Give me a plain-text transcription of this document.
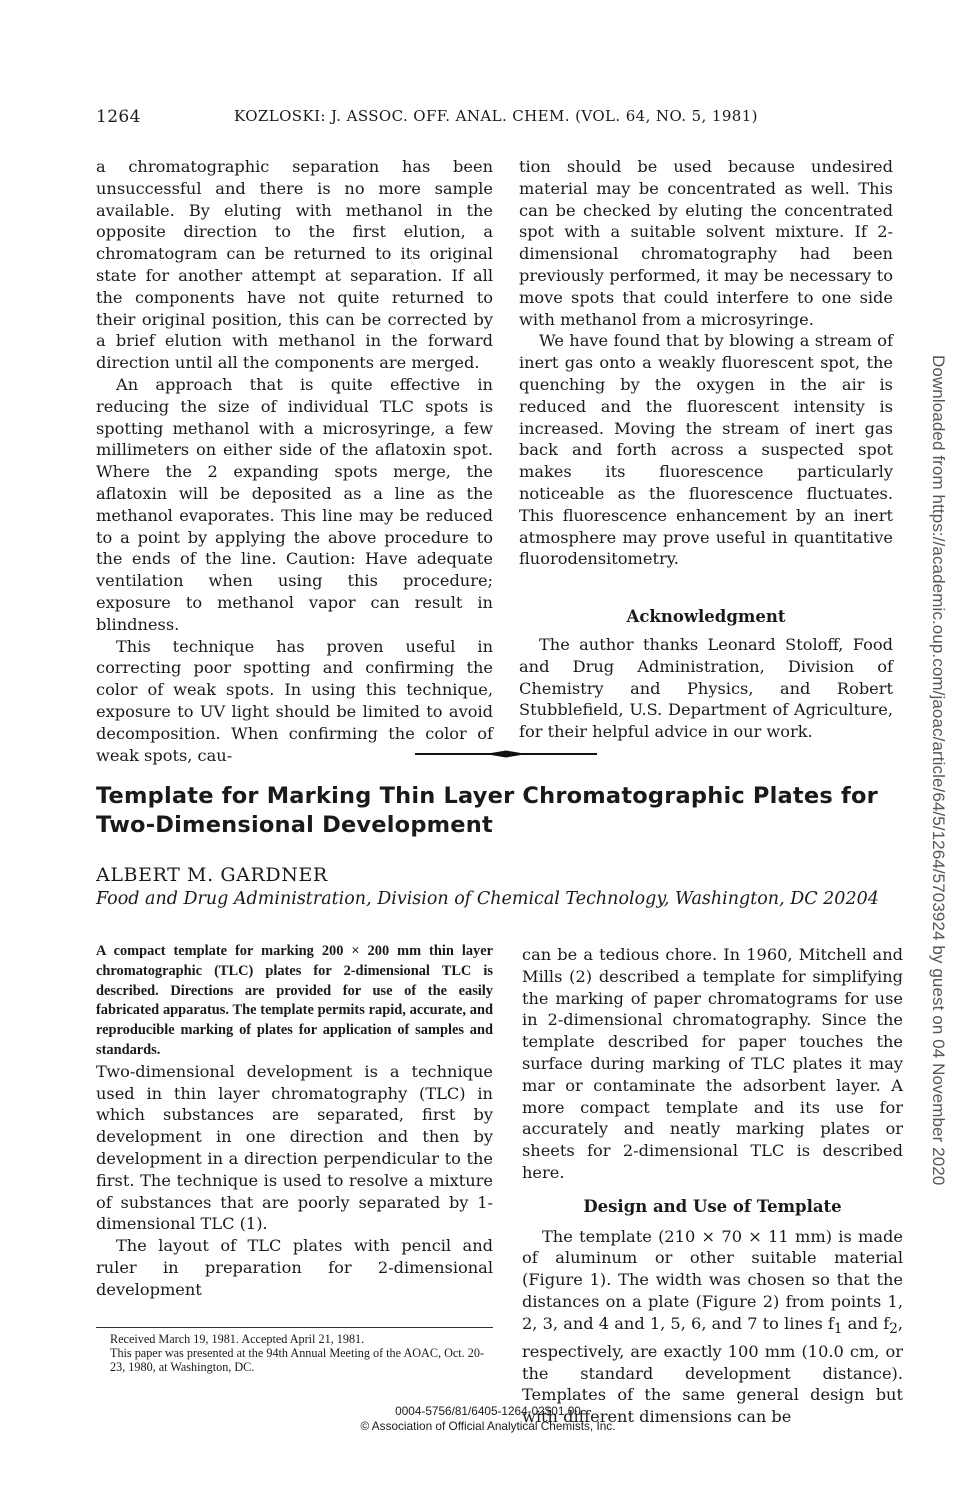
1264	KOZLOSKI: J. ASSOC. OFF. ANAL. CHEM. (VOL. 64, NO. 5, 1981)

a chromatographic separation has been unsuccessful and there is no more sample available. By eluting with methanol in the opposite direction to the first elution, a chromatogram can be returned to its original state for another attempt at separation. If all the components have not quite returned to their original position, this can be corrected by a brief elution with methanol in the forward direction until all the components are merged.

An approach that is quite effective in reducing the size of individual TLC spots is spotting methanol with a microsyringe, a few millimeters on either side of the aflatoxin spot. Where the 2 expanding spots merge, the aflatoxin will be deposited as a line as the methanol evaporates. This line may be reduced to a point by applying the above procedure to the ends of the line. Caution: Have adequate ventilation when using this procedure; exposure to methanol vapor can result in blindness.

This technique has proven useful in correcting poor spotting and confirming the color of weak spots. In using this technique, exposure to UV light should be limited to avoid decomposition. When confirming the color of weak spots, cau-

tion should be used because undesired material may be concentrated as well. This can be checked by eluting the concentrated spot with a suitable solvent mixture. If 2-dimensional chromatography had been previously performed, it may be necessary to move spots that could interfere to one side with methanol from a microsyringe.

We have found that by blowing a stream of inert gas onto a weakly fluorescent spot, the quenching by the oxygen in the air is reduced and the fluorescent intensity is increased. Moving the stream of inert gas back and forth across a suspected spot makes its fluorescence particularly noticeable as the fluorescence fluctuates. This fluorescence enhancement by an inert atmosphere may prove useful in quantitative fluorodensitometry.

Acknowledgment

The author thanks Leonard Stoloff, Food and Drug Administration, Division of Chemistry and Physics, and Robert Stubblefield, U.S. Department of Agriculture, for their helpful advice in our work.

Template for Marking Thin Layer Chromatographic Plates for
Two-Dimensional Development
ALBERT M. GARDNER
Food and Drug Administration, Division of Chemical Technology, Washington, DC 20204

A compact template for marking 200 × 200 mm thin layer chromatographic (TLC) plates for 2-dimensional TLC is described. Directions are provided for use of the easily fabricated apparatus. The template permits rapid, accurate, and reproducible marking of plates for application of samples and standards.

Two-dimensional development is a technique used in thin layer chromatography (TLC) in which substances are separated, first by development in one direction and then by development in a direction perpendicular to the first. The technique is used to resolve a mixture of substances that are poorly separated by 1-dimensional TLC (1).

The layout of TLC plates with pencil and ruler in preparation for 2-dimensional development

can be a tedious chore. In 1960, Mitchell and Mills (2) described a template for simplifying the marking of paper chromatograms for use in 2-dimensional chromatography. Since the template described for paper touches the surface during marking of TLC plates it may mar or contaminate the adsorbent layer. A more compact template and its use for accurately and neatly marking plates or sheets for 2-dimensional TLC is described here.

Design and Use of Template

The template (210 × 70 × 11 mm) is made of aluminum or other suitable material (Figure 1). The width was chosen so that the distances on a plate (Figure 2) from points 1, 2, 3, and 4 and 1, 5, 6, and 7 to lines $f_1$ and $f_2$, respectively, are exactly 100 mm (10.0 cm, or the standard development distance). Templates of the same general design but with different dimensions can be

Received March 19, 1981. Accepted April 21, 1981.

This paper was presented at the 94th Annual Meeting of the AOAC, Oct. 20-23, 1980, at Washington, DC.

0004-5756/81/6405-1264-02$01.00
© Association of Official Analytical Chemists, Inc.
Downloaded from https://academic.oup.com/jaoac/article/64/5/1264/5703924 by guest on 04 November 2020
